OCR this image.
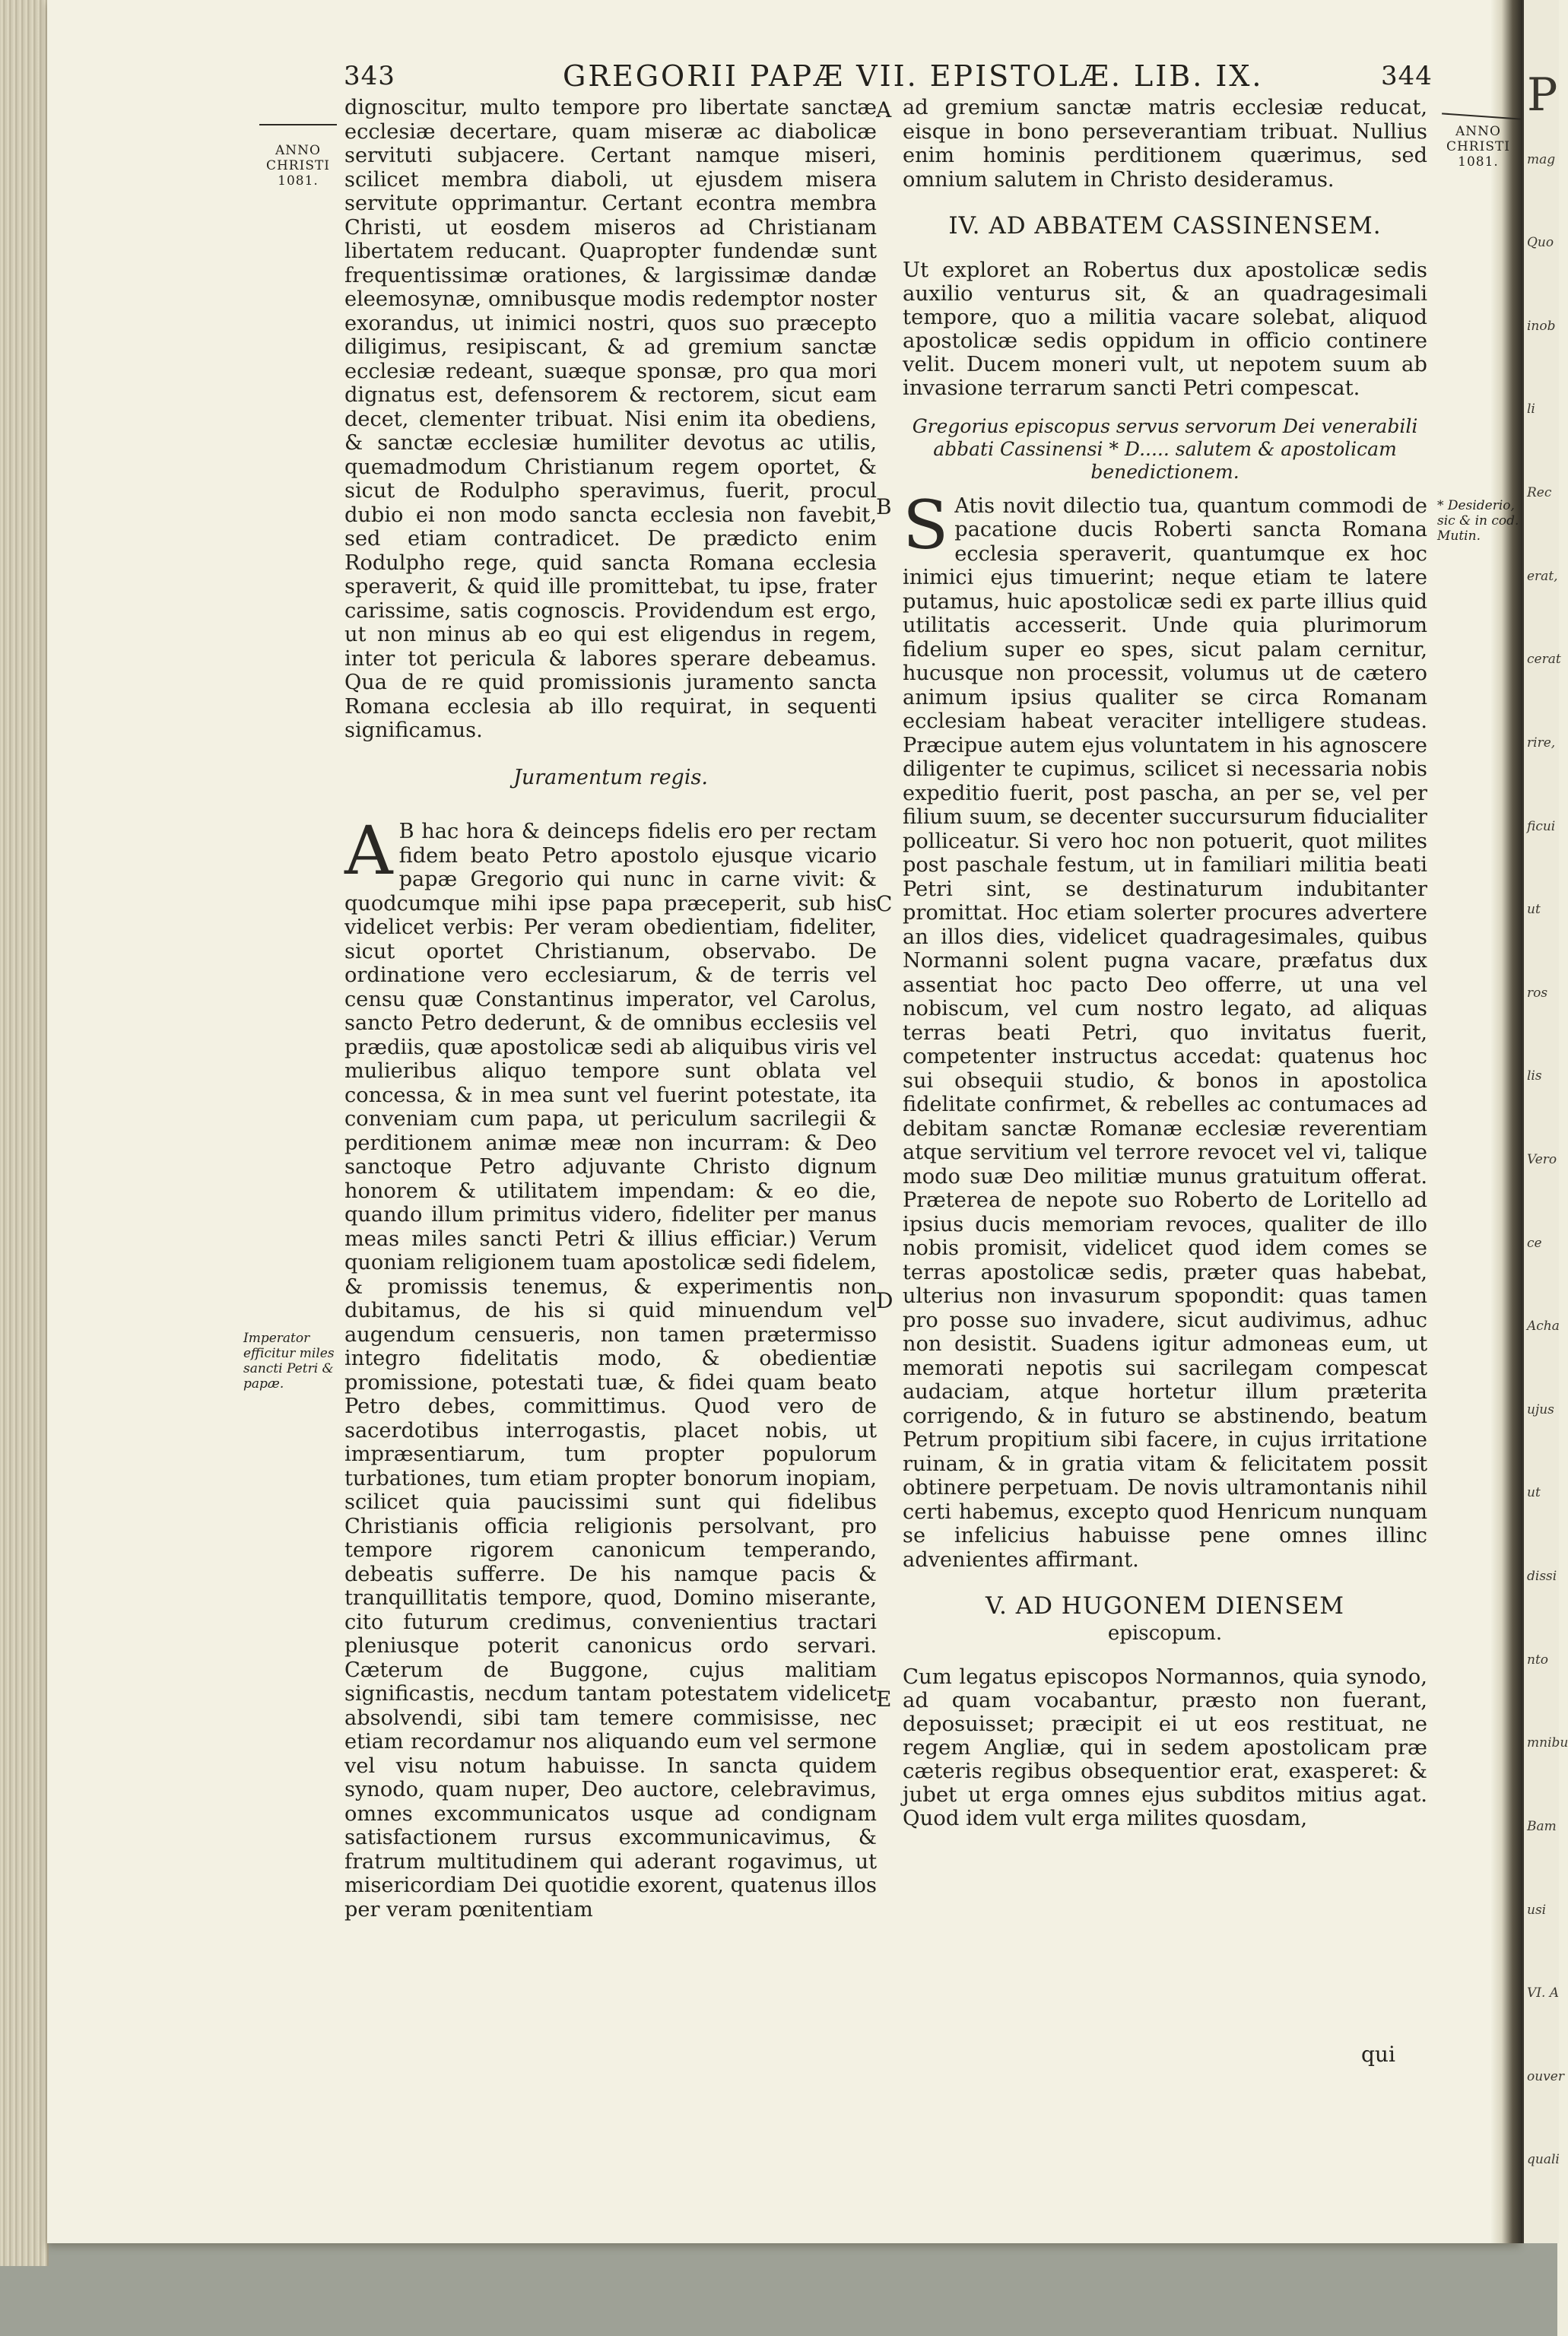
P
mag
Quo
inob
li
Rec
erat,
cerat
rire,
ficui
ut
ros
lis
Vero
ce
Acha
ujus
ut
dissi
nto
mnibu
Bam
usi
VI. A
ouver
quali
343	GREGORII PAPÆ VII. EPISTOLÆ. LIB. IX.	344
ANNO CHRISTI
1081.
Imperator efficitur miles sancti Petri & papæ.
ANNO CHRISTI
1081.
* Desiderio, sic & in cod. Mutin.
A
B
C
D
E

dignoscitur, multo tempore pro libertate sanctæ ecclesiæ decertare, quam miseræ ac diabolicæ servituti subjacere. Certant namque miseri, scilicet membra diaboli, ut ejusdem misera servitute opprimantur. Certant econtra membra Christi, ut eosdem miseros ad Christianam libertatem reducant. Quapropter fundendæ sunt frequentissimæ orationes, & largissimæ dandæ eleemosynæ, omnibusque modis redemptor noster exorandus, ut inimici nostri, quos suo præcepto diligimus, resipiscant, & ad gremium sanctæ ecclesiæ redeant, suæque sponsæ, pro qua mori dignatus est, defensorem & rectorem, sicut eam decet, clementer tribuat. Nisi enim ita obediens, & sanctæ ecclesiæ humiliter devotus ac utilis, quemadmodum Christianum regem oportet, & sicut de Rodulpho speravimus, fuerit, procul dubio ei non modo sancta ecclesia non favebit, sed etiam contradicet. De prædicto enim Rodulpho rege, quid sancta Romana ecclesia speraverit, & quid ille promittebat, tu ipse, frater carissime, satis cognoscis. Providendum est ergo, ut non minus ab eo qui est eligendus in regem, inter tot pericula & labores sperare debeamus. Qua de re quid promissionis juramento sancta Romana ecclesia ab illo requirat, in sequenti significamus.

Juramentum regis.

A B hac hora & deinceps fidelis ero per rectam fidem beato Petro apostolo ejusque vicario papæ Gregorio qui nunc in carne vivit: & quodcumque mihi ipse papa præceperit, sub his videlicet verbis: Per veram obedientiam, fideliter, sicut oportet Christianum, observabo. De ordinatione vero ecclesiarum, & de terris vel censu quæ Constantinus imperator, vel Carolus, sancto Petro dederunt, & de omnibus ecclesiis vel prædiis, quæ apostolicæ sedi ab aliquibus viris vel mulieribus aliquo tempore sunt oblata vel concessa, & in mea sunt vel fuerint potestate, ita conveniam cum papa, ut periculum sacrilegii & perditionem animæ meæ non incurram: & Deo sanctoque Petro adjuvante Christo dignum honorem & utilitatem impendam: & eo die, quando illum primitus videro, fideliter per manus meas miles sancti Petri & illius efficiar.) Verum quoniam religionem tuam apostolicæ sedi fidelem, & promissis tenemus, & experimentis non dubitamus, de his si quid minuendum vel augendum censueris, non tamen prætermisso integro fidelitatis modo, & obedientiæ promissione, potestati tuæ, & fidei quam beato Petro debes, committimus. Quod vero de sacerdotibus interrogastis, placet nobis, ut impræsentiarum, tum propter populorum turbationes, tum etiam propter bonorum inopiam, scilicet quia paucissimi sunt qui fidelibus Christianis officia religionis persolvant, pro tempore rigorem canonicum temperando, debeatis sufferre. De his namque pacis & tranquillitatis tempore, quod, Domino miserante, cito futurum credimus, convenientius tractari pleniusque poterit canonicus ordo servari. Cæterum de Buggone, cujus malitiam significastis, necdum tantam potestatem videlicet absolvendi, sibi tam temere commisisse, nec etiam recordamur nos aliquando eum vel sermone vel visu notum habuisse. In sancta quidem synodo, quam nuper, Deo auctore, celebravimus, omnes excommunicatos usque ad condignam satisfactionem rursus excommunicavimus, & fratrum multitudinem qui aderant rogavimus, ut misericordiam Dei quotidie exorent, quatenus illos per veram pœnitentiam

ad gremium sanctæ matris ecclesiæ reducat, eisque in bono perseverantiam tribuat. Nullius enim hominis perditionem quærimus, sed omnium salutem in Christo desideramus.

IV. AD ABBATEM CASSINENSEM.

Ut exploret an Robertus dux apostolicæ sedis auxilio venturus sit, & an quadragesimali tempore, quo a militia vacare solebat, aliquod apostolicæ sedis oppidum in officio continere velit. Ducem moneri vult, ut nepotem suum ab invasione terrarum sancti Petri compescat.

Gregorius episcopus servus servorum Dei venerabili abbati Cassinensi * D..... salutem & apostolicam benedictionem.

S Atis novit dilectio tua, quantum commodi de pacatione ducis Roberti sancta Romana ecclesia speraverit, quantumque ex hoc inimici ejus timuerint; neque etiam te latere putamus, huic apostolicæ sedi ex parte illius quid utilitatis accesserit. Unde quia plurimorum fidelium super eo spes, sicut palam cernitur, hucusque non processit, volumus ut de cætero animum ipsius qualiter se circa Romanam ecclesiam habeat veraciter intelligere studeas. Præcipue autem ejus voluntatem in his agnoscere diligenter te cupimus, scilicet si necessaria nobis expeditio fuerit, post pascha, an per se, vel per filium suum, se decenter succursurum fiducialiter polliceatur. Si vero hoc non potuerit, quot milites post paschale festum, ut in familiari militia beati Petri sint, se destinaturum indubitanter promittat. Hoc etiam solerter procures advertere an illos dies, videlicet quadragesimales, quibus Normanni solent pugna vacare, præfatus dux assentiat hoc pacto Deo offerre, ut una vel nobiscum, vel cum nostro legato, ad aliquas terras beati Petri, quo invitatus fuerit, competenter instructus accedat: quatenus hoc sui obsequii studio, & bonos in apostolica fidelitate confirmet, & rebelles ac contumaces ad debitam sanctæ Romanæ ecclesiæ reverentiam atque servitium vel terrore revocet vel vi, talique modo suæ Deo militiæ munus gratuitum offerat. Præterea de nepote suo Roberto de Loritello ad ipsius ducis memoriam revoces, qualiter de illo nobis promisit, videlicet quod idem comes se terras apostolicæ sedis, præter quas habebat, ulterius non invasurum spopondit: quas tamen pro posse suo invadere, sicut audivimus, adhuc non desistit. Suadens igitur admoneas eum, ut memorati nepotis sui sacrilegam compescat audaciam, atque hortetur illum præterita corrigendo, & in futuro se abstinendo, beatum Petrum propitium sibi facere, in cujus irritatione ruinam, & in gratia vitam & felicitatem possit obtinere perpetuam. De novis ultramontanis nihil certi habemus, excepto quod Henricum nunquam se infelicius habuisse pene omnes illinc advenientes affirmant.

V. AD HUGONEM DIENSEM
episcopum.

Cum legatus episcopos Normannos, quia synodo, ad quam vocabantur, præsto non fuerant, deposuisset; præcipit ei ut eos restituat, ne regem Angliæ, qui in sedem apostolicam præ cæteris regibus obsequentior erat, exasperet: & jubet ut erga omnes ejus subditos mitius agat. Quod idem vult erga milites quosdam,

qui
